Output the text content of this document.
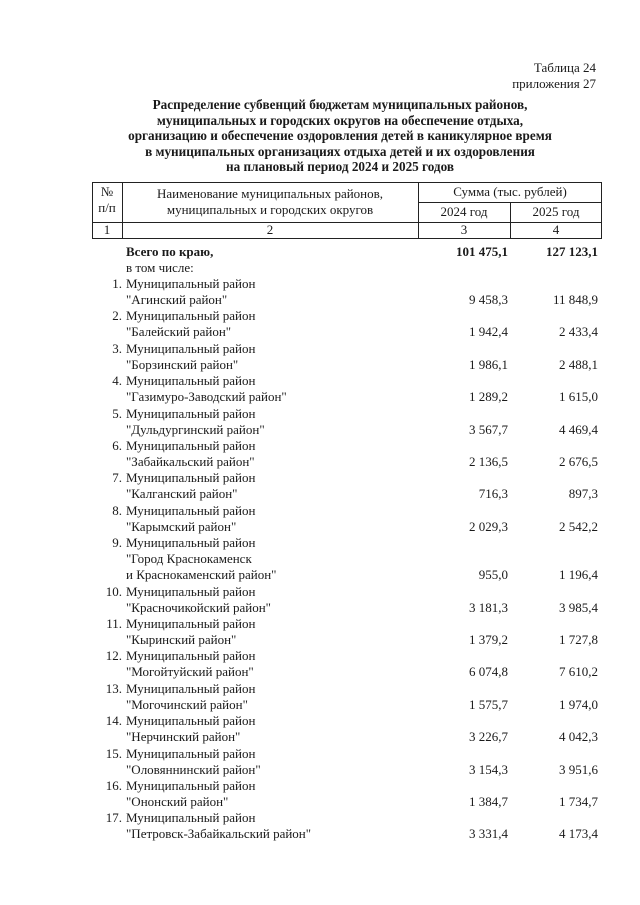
Таблица 24
приложения 27
Распределение субвенций бюджетам муниципальных районов,
муниципальных и городских округов на обеспечение отдыха,
организацию и обеспечение оздоровления детей в каникулярное время
в муниципальных организациях отдыха детей и их оздоровления
на плановый период 2024 и 2025 годов
№
п/п
Наименование муниципальных районов,
муниципальных и городских округов
Сумма (тыс. рублей)
2024 год	2025 год
1	2	3	4
Всего по краю,	101 475,1	127 123,1
в том числе:
1. Муниципальный район
"Агинский район"	9 458,3	11 848,9
2. Муниципальный район
"Балейский район"	1 942,4	2 433,4
3. Муниципальный район
"Борзинский район"	1 986,1	2 488,1
4. Муниципальный район
"Газимуро-Заводский район"	1 289,2	1 615,0
5. Муниципальный район
"Дульдургинский район"	3 567,7	4 469,4
6. Муниципальный район
"Забайкальский район"	2 136,5	2 676,5
7. Муниципальный район
"Калганский район"	716,3	897,3
8. Муниципальный район
"Карымский район"	2 029,3	2 542,2
9. Муниципальный район
"Город Краснокаменск
и Краснокаменский район"	955,0	1 196,4
10. Муниципальный район
"Красночикойский район"	3 181,3	3 985,4
11. Муниципальный район
"Кыринский район"	1 379,2	1 727,8
12. Муниципальный район
"Могойтуйский район"	6 074,8	7 610,2
13. Муниципальный район
"Могочинский район"	1 575,7	1 974,0
14. Муниципальный район
"Нерчинский район"	3 226,7	4 042,3
15. Муниципальный район
"Оловяннинский район"	3 154,3	3 951,6
16. Муниципальный район
"Ононский район"	1 384,7	1 734,7
17. Муниципальный район
"Петровск-Забайкальский район"	3 331,4	4 173,4
